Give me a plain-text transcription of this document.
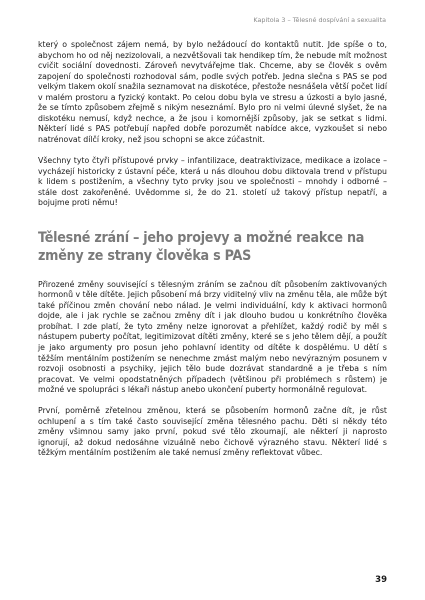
Kapitola 3 – Tělesné dospívání a sexualita

který o společnost zájem nemá, by bylo nežádoucí do kontaktů nutit. Jde spíše o to, abychom ho od něj nezizolovali, a nezvětšovali tak hendikep tím, že nebude mít možnost cvičit sociální dovednosti. Zároveň nevytvářejme tlak. Chceme, aby se člověk s ověm zapojení do společnosti rozhodoval sám, podle svých potřeb. Jedna slečna s PAS se pod velkým tlakem okolí snažila seznamovat na diskotéce, přestože nesnášela větší počet lidí v malém prostoru a fyzický kontakt. Po celou dobu byla ve stresu a úzkosti a bylo jasné, že se tímto způsobem zřejmě s nikým neseznámí. Bylo pro ni velmi úlevné slyšet, že na diskotéku nemusí, když nechce, a že jsou i komornější způsoby, jak se setkat s lidmi. Některí lidé s PAS potřebují napřed dobře porozumět nabídce akce, vyzkoušet si nebo natrénovat dílčí kroky, než jsou schopni se akce zúčastnit.

Všechny tyto čtyři přístupové prvky – infantilizace, deatraktivizace, medikace a izolace – vycházejí historicky z ústavní péče, která u nás dlouhou dobu diktovala trend v přístupu k lidem s postižením, a všechny tyto prvky jsou ve společnosti – mnohdy i odborné – stále dost zakořeněné. Uvědomme si, že do 21. století už takový přístup nepatří, a bojujme proti němu!

Tělesné zrání – jeho projevy a možné reakce na změny ze strany člověka s PAS

Přirozené změny související s tělesným zráním se začnou dít působením zaktivovaných hormonů v těle dítěte. Jejich působení má brzy viditelný vliv na změnu těla, ale může být také příčinou změn chování nebo nálad. Je velmi individuální, kdy k aktivaci hormonů dojde, ale i jak rychle se začnou změny dít i jak dlouho budou u konkrétního člověka probíhat. I zde platí, že tyto změny nelze ignorovat a přehlížet, každý rodič by měl s nástupem puberty počítat, legitimizovat dítěti změny, které se s jeho tělem dějí, a použít je jako argumenty pro posun jeho pohlavní identity od dítěte k dospělému. U dětí s těžším mentálním postižením se nenechme zmást malým nebo nevýrazným posunem v rozvoji osobnosti a psychiky, jejich tělo bude dozrávat standardně a je třeba s ním pracovat. Ve velmi opodstatněných případech (většinou při problémech s růstem) je možné ve spolupráci s lékaři nástup anebo ukončení puberty hormonálně regulovat.

První, poměrně zřetelnou změnou, která se působením hormonů začne dít, je růst ochlupení a s tím také často související změna tělesného pachu. Děti si někdy této změny všimnou samy jako první, pokud své tělo zkoumají, ale některí ji naprosto ignorují, až dokud nedosáhne vizuálně nebo čichově výrazného stavu. Některí lidé s těžkým mentálním postižením ale také nemusí změny reflektovat vůbec.

39
